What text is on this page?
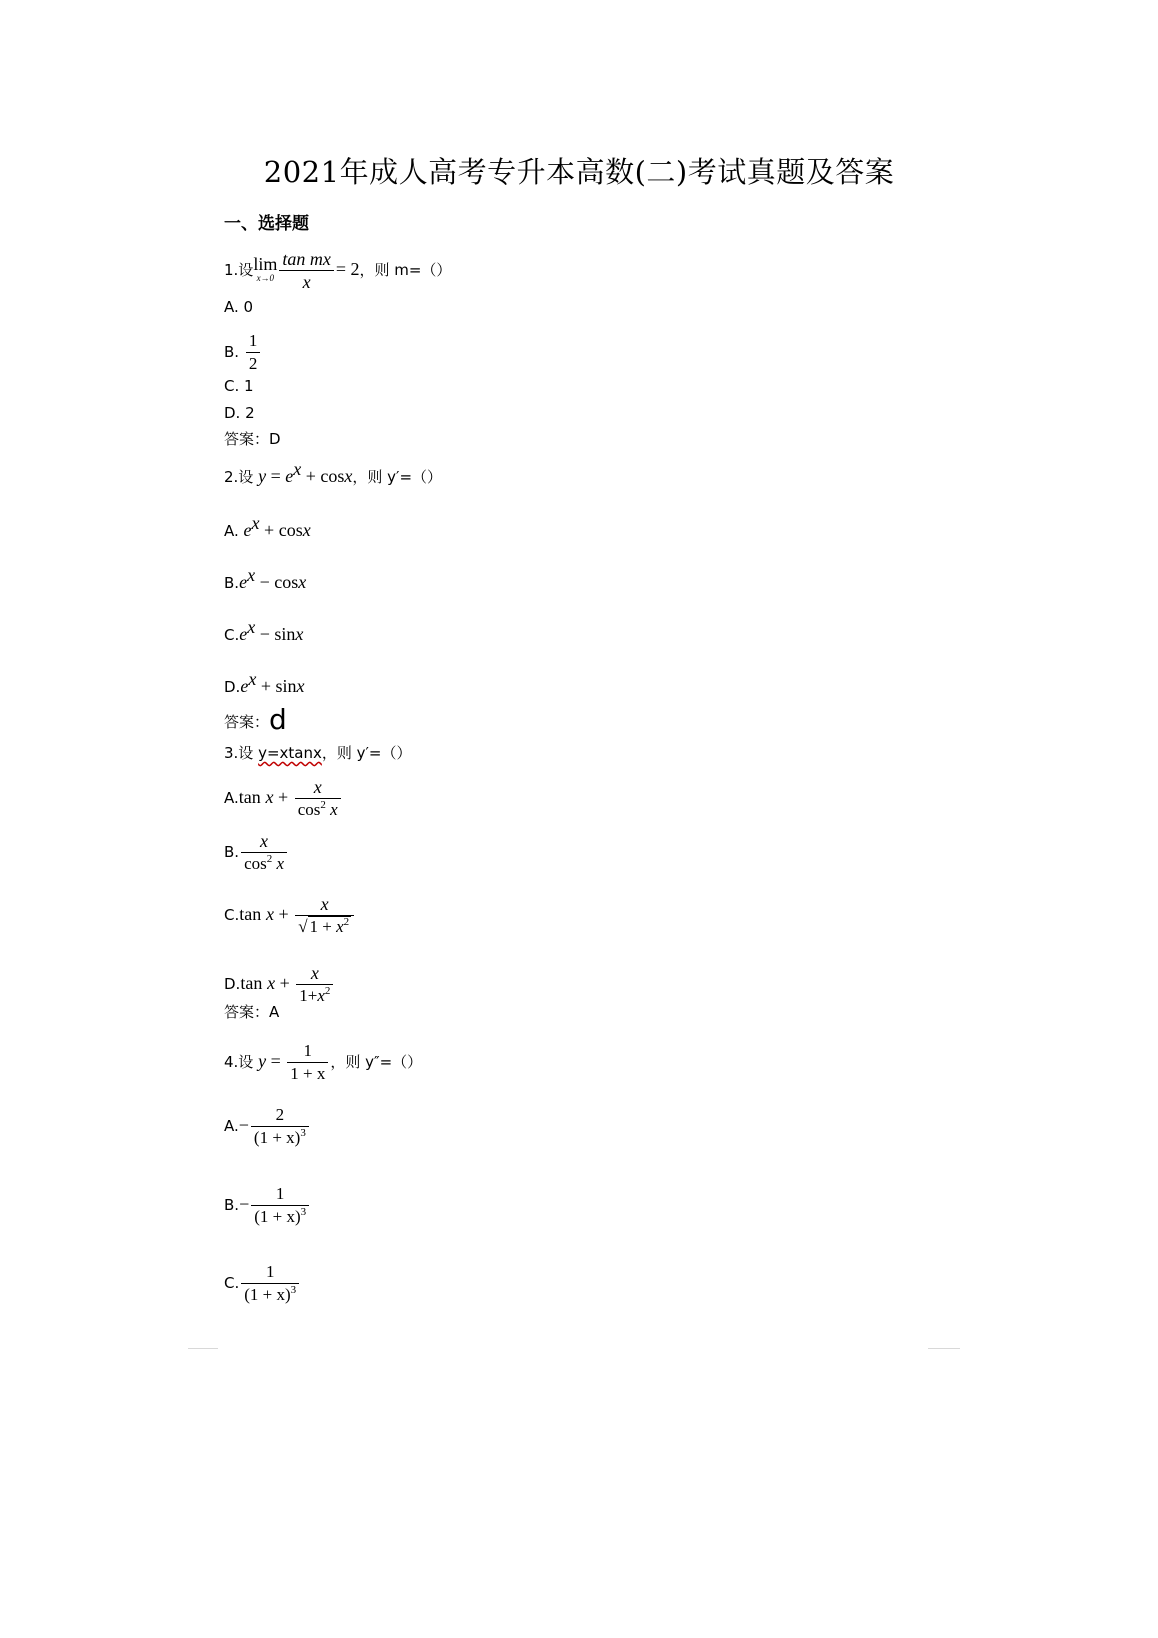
2021年成人高考专升本高数(二)考试真题及答案
一、选择题
1.设lim
$x\to 0 \frac{\text{tan mx}}{x} = 2$，则 m=（）
A. 0
B. $\frac{1}{2}$
C. 1
D. 2
答案：D
2.设 $y = e^x + \cos x$，则 y′=（）
A. $e^x + \cos x$
$B.e^x - \cos x$
$C.e^x - \sin x$
$D.e^x + \sin x$
答案：d
3.设 y=xtanx，则 y′=（）
A.tan $x + \frac{x}{\cos^2 x}$
B. $\frac{x}{\cos^2 x}$
C.tan $x + \frac{x}{√ 1 + x^2}$
D.tan $x + \frac{x}{1+x^2}$
答案：A
4.设 $y = \frac{1}{1 + x}$ ，则 y″=（）
$A.- \frac{2}{(1 + x)^3}$
$B.- \frac{1}{(1 + x)^3}$
C. $\frac{1}{(1 + x)^3}$
